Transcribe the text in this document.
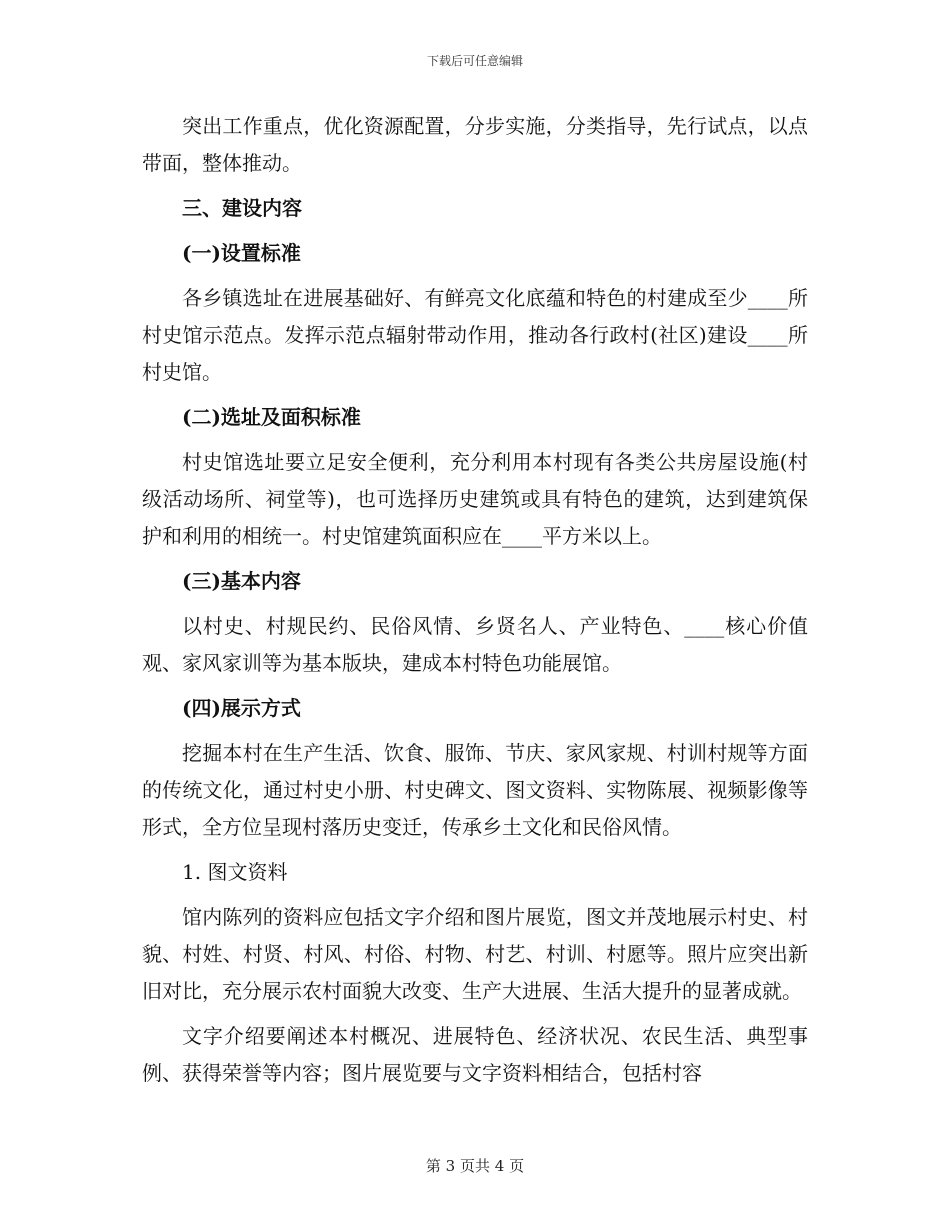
下载后可任意编辑

突出工作重点，优化资源配置，分步实施，分类指导，先行试点，以点带面，整体推动。

三、建设内容

(一)设置标准

各乡镇选址在进展基础好、有鲜亮文化底蕴和特色的村建成至少____所村史馆示范点。发挥示范点辐射带动作用，推动各行政村(社区)建设____所村史馆。

(二)选址及面积标准

村史馆选址要立足安全便利，充分利用本村现有各类公共房屋设施(村级活动场所、祠堂等)，也可选择历史建筑或具有特色的建筑，达到建筑保护和利用的相统一。村史馆建筑面积应在____平方米以上。

(三)基本内容

以村史、村规民约、民俗风情、乡贤名人、产业特色、____核心价值观、家风家训等为基本版块，建成本村特色功能展馆。

(四)展示方式

挖掘本村在生产生活、饮食、服饰、节庆、家风家规、村训村规等方面的传统文化，通过村史小册、村史碑文、图文资料、实物陈展、视频影像等形式，全方位呈现村落历史变迁，传承乡土文化和民俗风情。

1. 图文资料

馆内陈列的资料应包括文字介绍和图片展览，图文并茂地展示村史、村貌、村姓、村贤、村风、村俗、村物、村艺、村训、村愿等。照片应突出新旧对比，充分展示农村面貌大改变、生产大进展、生活大提升的显著成就。

文字介绍要阐述本村概况、进展特色、经济状况、农民生活、典型事例、获得荣誉等内容；图片展览要与文字资料相结合，包括村容

第 3 页共 4 页
